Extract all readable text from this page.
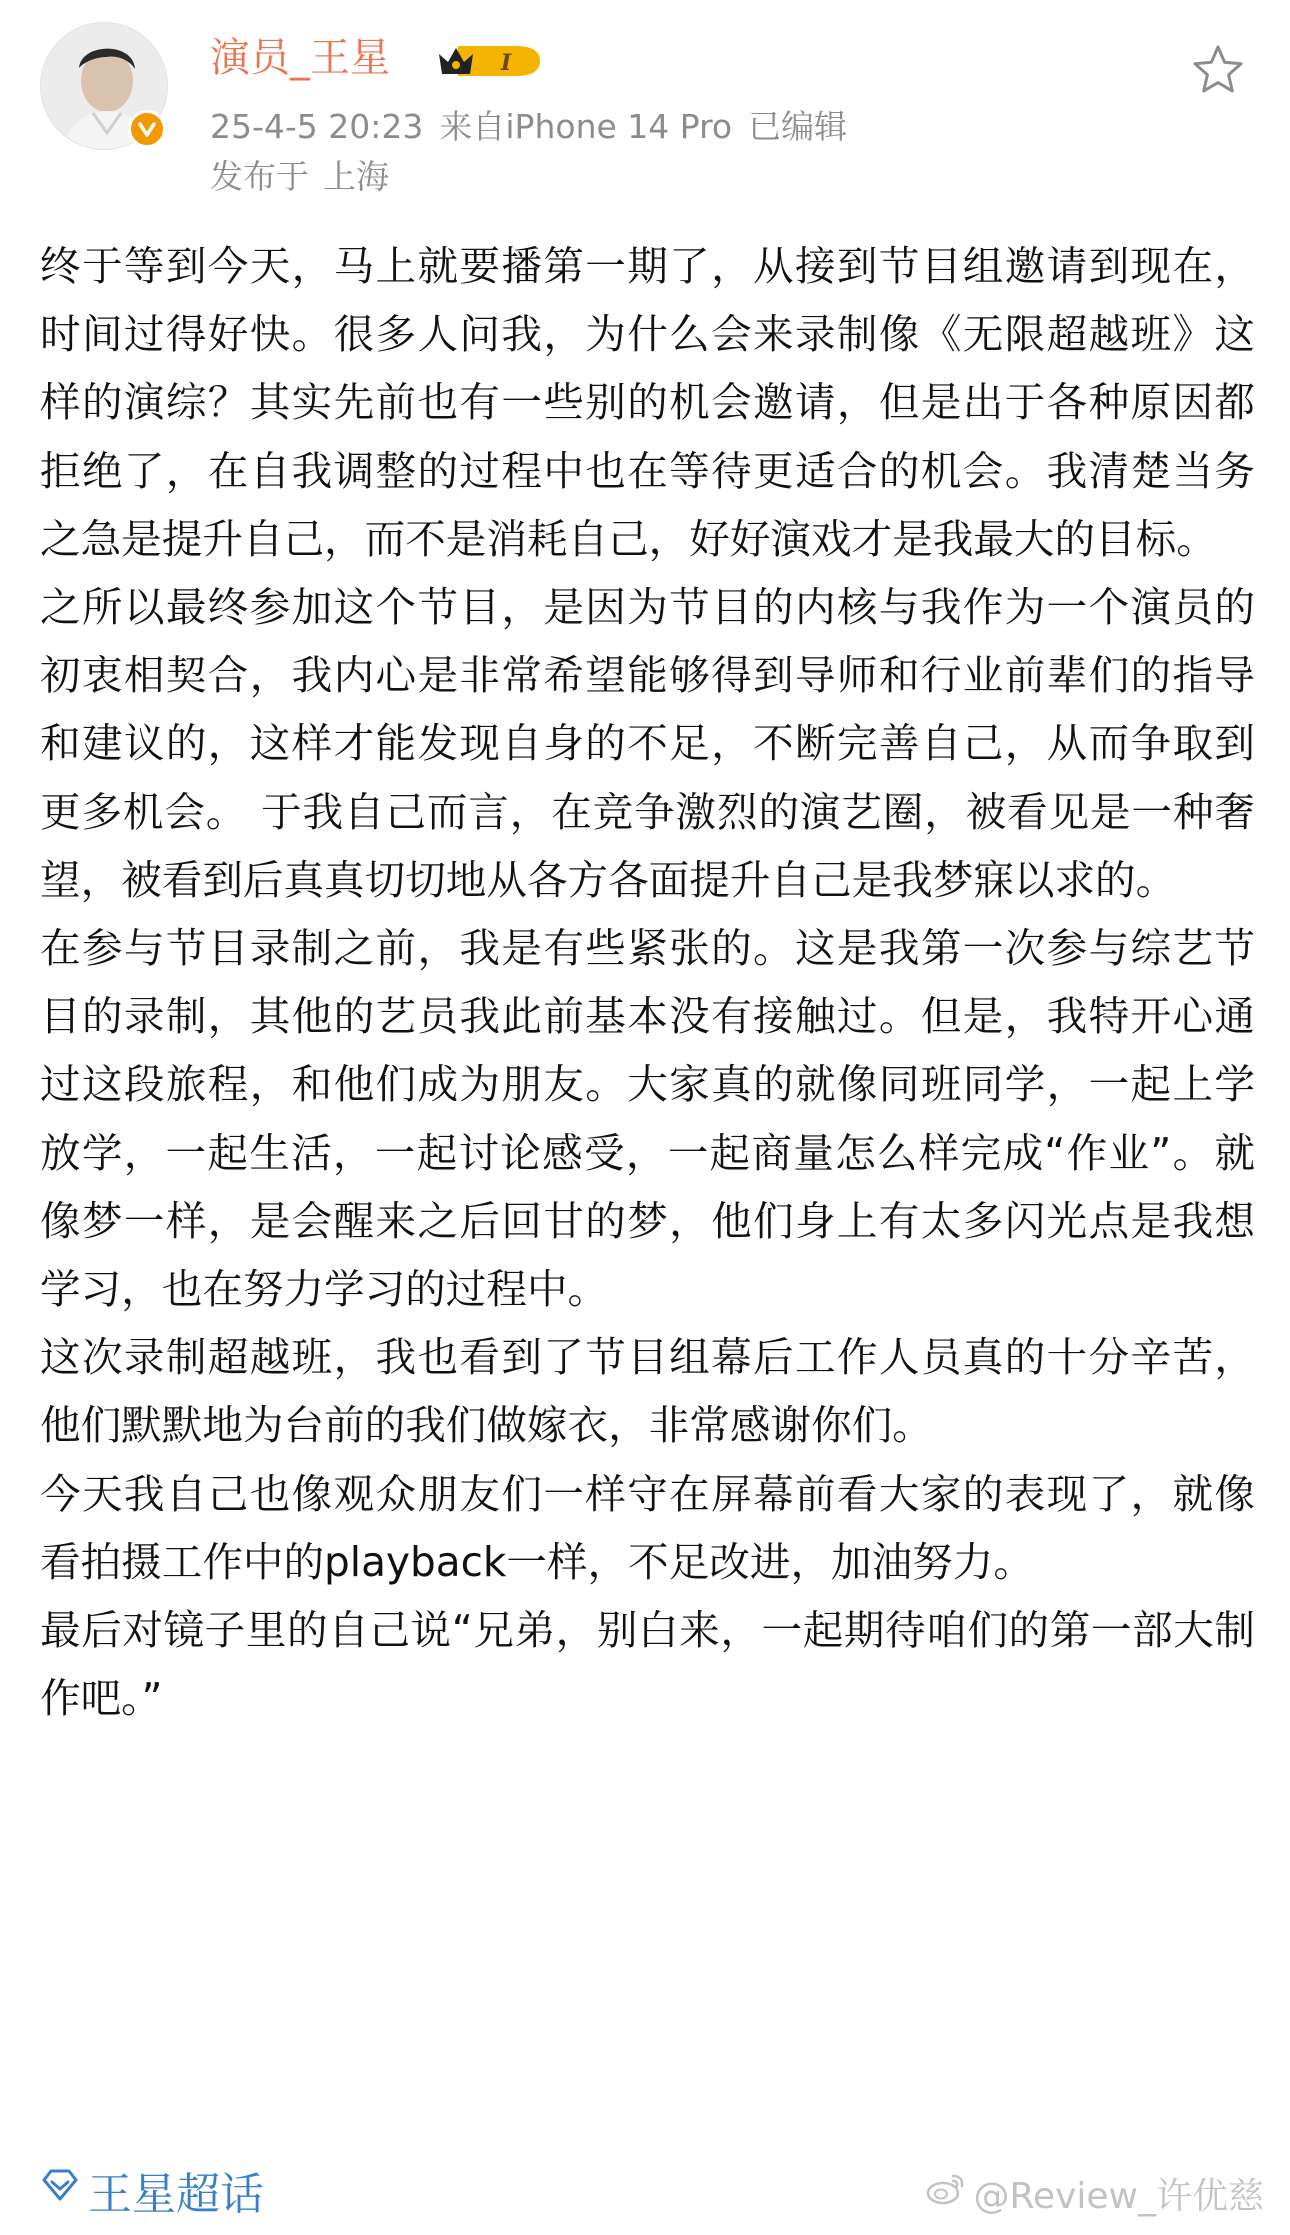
演员_王星	I
25-4-5 20:23 来自iPhone 14 Pro 已编辑
发布于 上海

终于等到今天，马上就要播第一期了，从接到节目组邀请到现在，时间过得好快。很多人问我，为什么会来录制像《无限超越班》这样的演综？其实先前也有一些别的机会邀请，但是出于各种原因都拒绝了，在自我调整的过程中也在等待更适合的机会。我清楚当务之急是提升自己，而不是消耗自己，好好演戏才是我最大的目标。

之所以最终参加这个节目，是因为节目的内核与我作为一个演员的初衷相契合，我内心是非常希望能够得到导师和行业前辈们的指导和建议的，这样才能发现自身的不足，不断完善自己，从而争取到更多机会。 于我自己而言，在竞争激烈的演艺圈，被看见是一种奢望，被看到后真真切切地从各方各面提升自己是我梦寐以求的。

在参与节目录制之前，我是有些紧张的。这是我第一次参与综艺节目的录制，其他的艺员我此前基本没有接触过。但是，我特开心通过这段旅程，和他们成为朋友。大家真的就像同班同学，一起上学放学，一起生活，一起讨论感受，一起商量怎么样完成“作业”。就像梦一样，是会醒来之后回甘的梦，他们身上有太多闪光点是我想学习，也在努力学习的过程中。

这次录制超越班，我也看到了节目组幕后工作人员真的十分辛苦，他们默默地为台前的我们做嫁衣，非常感谢你们。

今天我自己也像观众朋友们一样守在屏幕前看大家的表现了，就像看拍摄工作中的playback一样，不足改进，加油努力。

最后对镜子里的自己说“兄弟，别白来，一起期待咱们的第一部大制作吧。”

王星超话	@Review_许优慈
